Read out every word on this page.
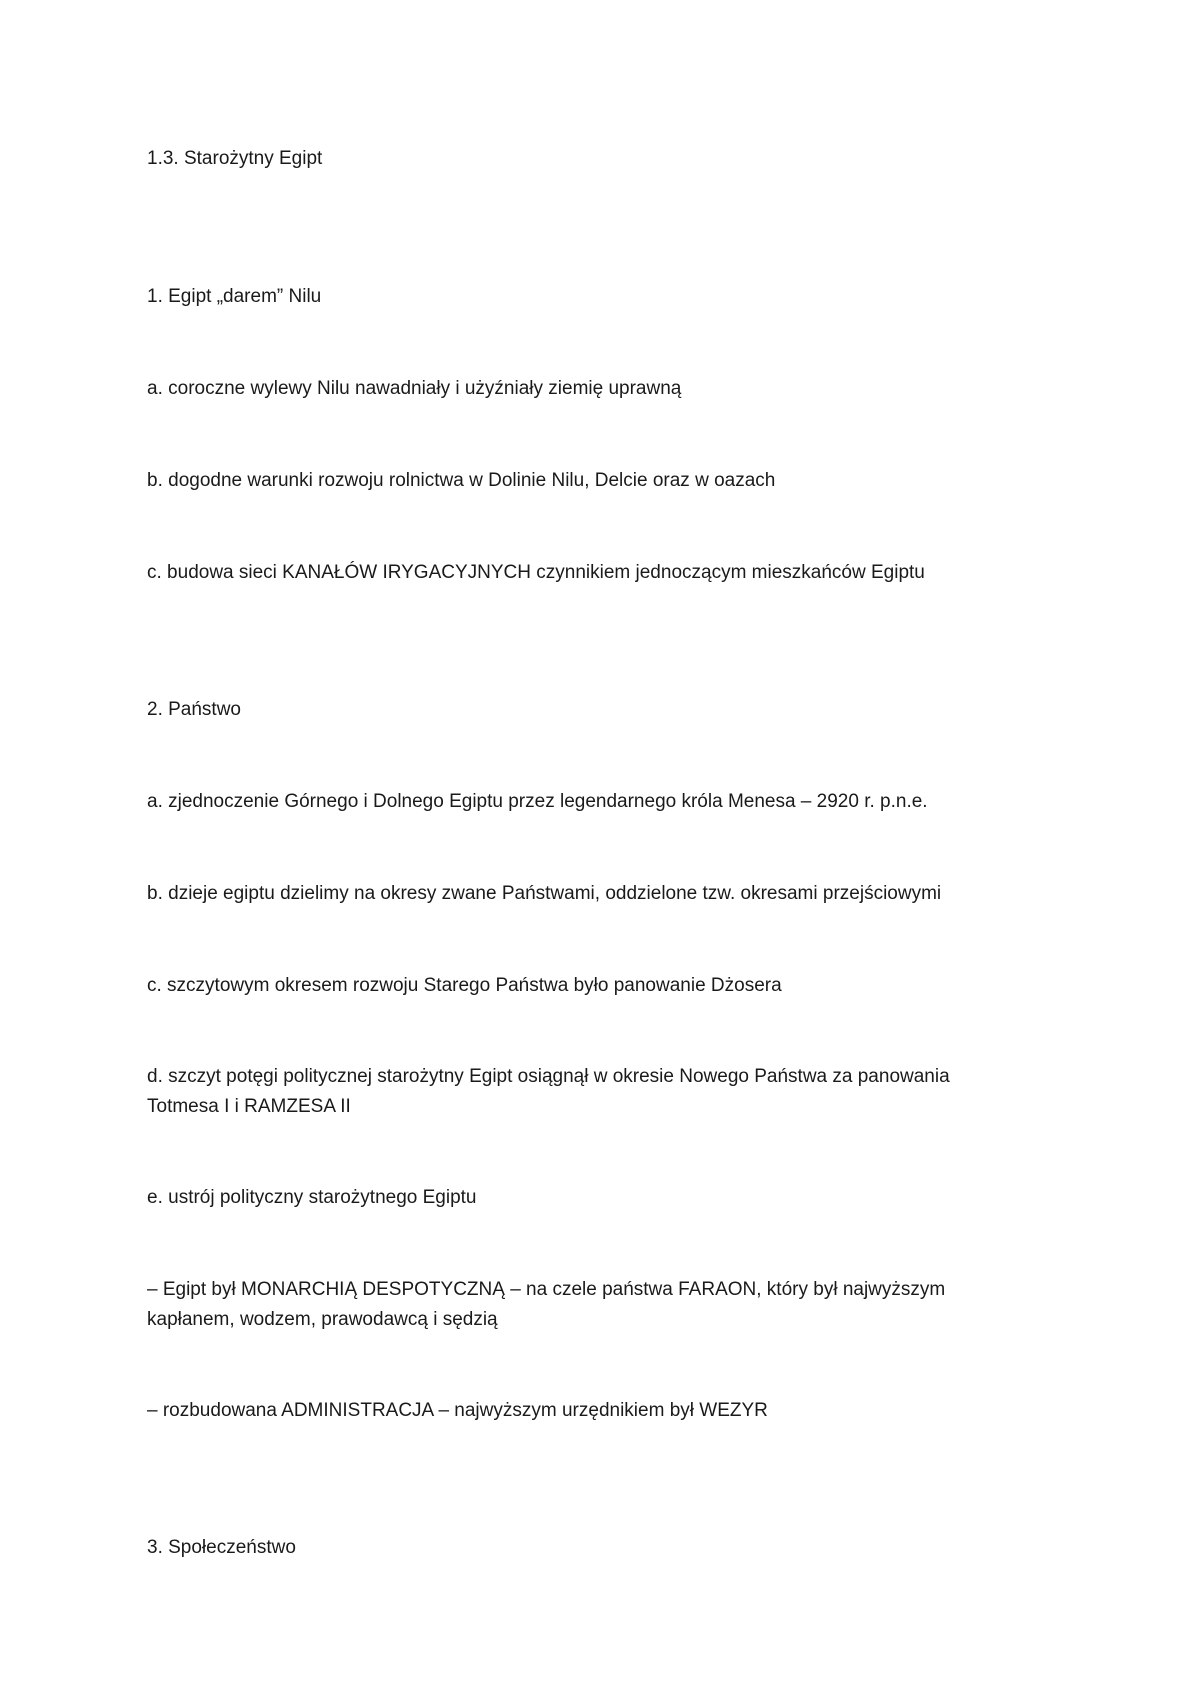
1.3. Starożytny Egipt
1. Egipt „darem” Nilu
a. coroczne wylewy Nilu nawadniały i użyźniały ziemię uprawną
b. dogodne warunki rozwoju rolnictwa w Dolinie Nilu, Delcie oraz w oazach
c. budowa sieci KANAŁÓW IRYGACYJNYCH czynnikiem jednoczącym mieszkańców Egiptu
2. Państwo
a. zjednoczenie Górnego i Dolnego Egiptu przez legendarnego króla Menesa – 2920 r. p.n.e.
b. dzieje egiptu dzielimy na okresy zwane Państwami, oddzielone tzw. okresami przejściowymi
c. szczytowym okresem rozwoju Starego Państwa było panowanie Dżosera
d. szczyt potęgi politycznej starożytny Egipt osiągnął w okresie Nowego Państwa za panowania Totmesa I i RAMZESA II
e. ustrój polityczny starożytnego Egiptu
– Egipt był MONARCHIĄ DESPOTYCZNĄ – na czele państwa FARAON, który był najwyższym kapłanem, wodzem, prawodawcą i sędzią
– rozbudowana ADMINISTRACJA – najwyższym urzędnikiem był WEZYR
3. Społeczeństwo
